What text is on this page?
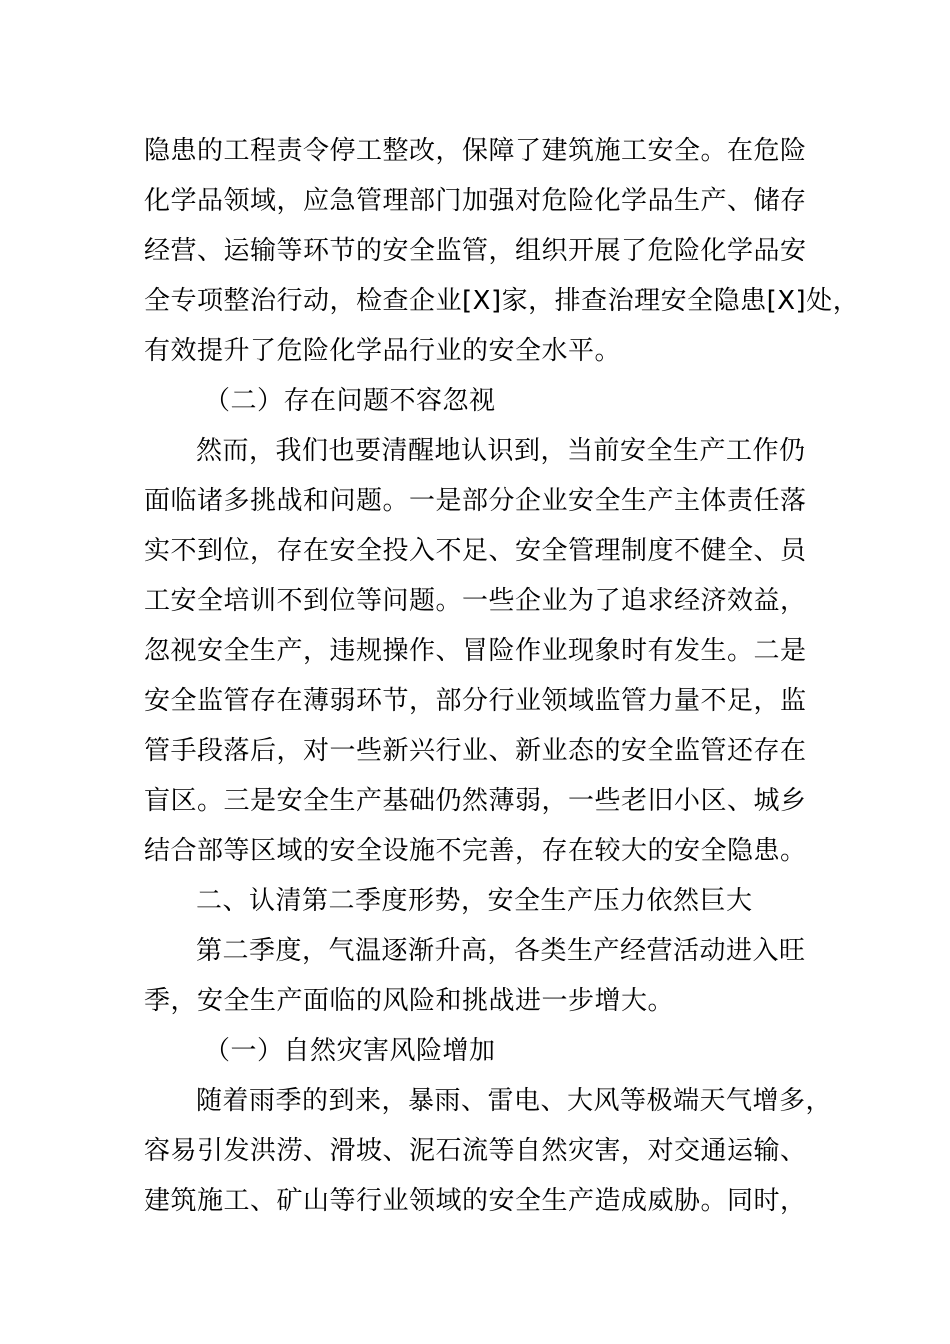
隐患的工程责令停工整改，保障了建筑施工安全。在危险
化学品领域，应急管理部门加强对危险化学品生产、储存
经营、运输等环节的安全监管，组织开展了危险化学品安
全专项整治行动，检查企业[X]家，排查治理安全隐患[X]处，
有效提升了危险化学品行业的安全水平。
（二）存在问题不容忽视
然而，我们也要清醒地认识到，当前安全生产工作仍
面临诸多挑战和问题。一是部分企业安全生产主体责任落
实不到位，存在安全投入不足、安全管理制度不健全、员
工安全培训不到位等问题。一些企业为了追求经济效益，
忽视安全生产，违规操作、冒险作业现象时有发生。二是
安全监管存在薄弱环节，部分行业领域监管力量不足，监
管手段落后，对一些新兴行业、新业态的安全监管还存在
盲区。三是安全生产基础仍然薄弱，一些老旧小区、城乡
结合部等区域的安全设施不完善，存在较大的安全隐患。
二、认清第二季度形势，安全生产压力依然巨大
第二季度，气温逐渐升高，各类生产经营活动进入旺
季，安全生产面临的风险和挑战进一步增大。
（一）自然灾害风险增加
随着雨季的到来，暴雨、雷电、大风等极端天气增多，
容易引发洪涝、滑坡、泥石流等自然灾害，对交通运输、
建筑施工、矿山等行业领域的安全生产造成威胁。同时，
